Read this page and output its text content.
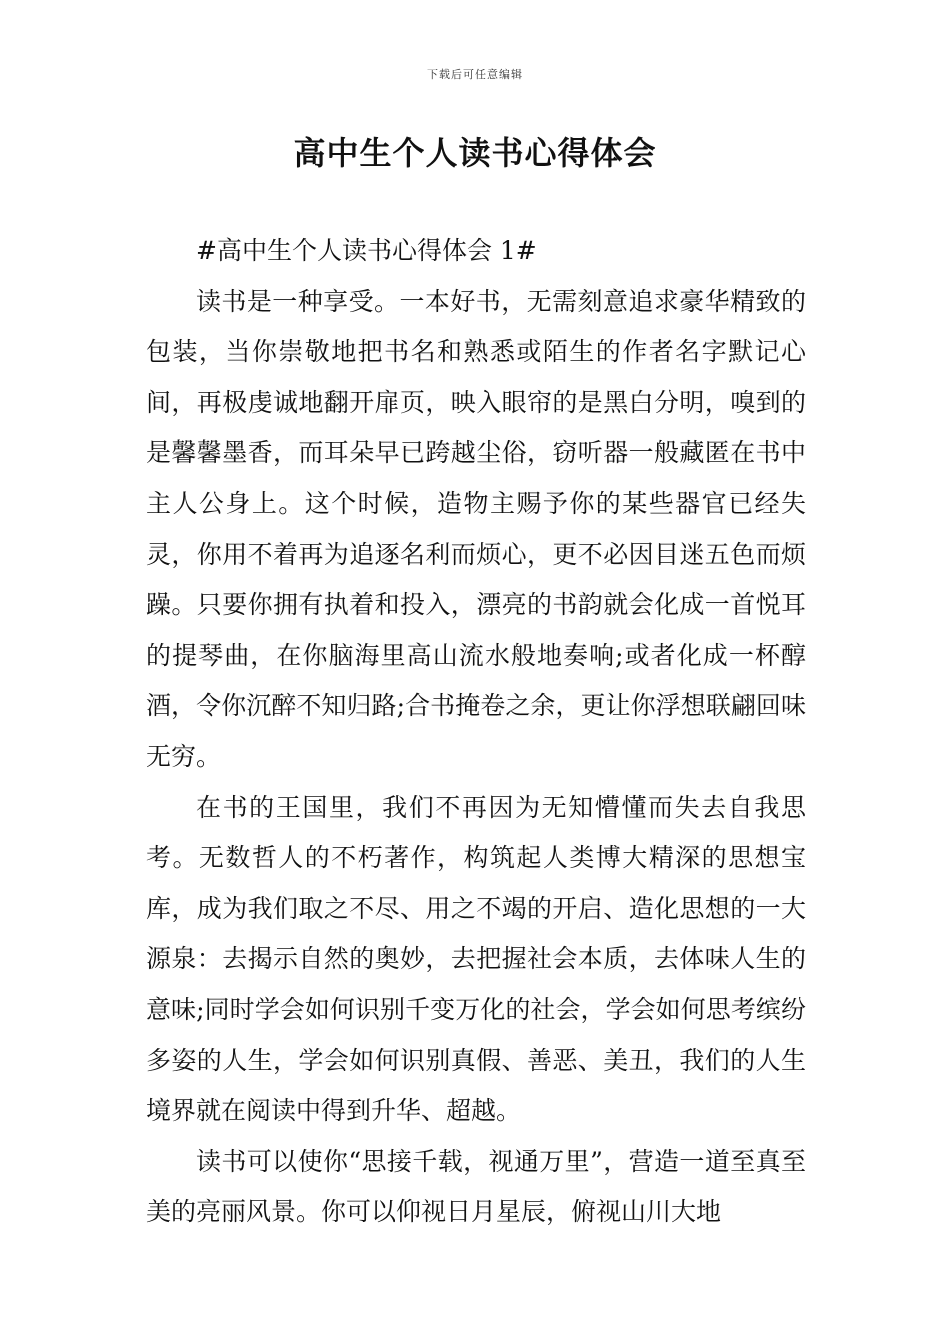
下载后可任意编辑
高中生个人读书心得体会

#高中生个人读书心得体会 1#

读书是一种享受。一本好书，无需刻意追求豪华精致的包装，当你崇敬地把书名和熟悉或陌生的作者名字默记心间，再极虔诚地翻开扉页，映入眼帘的是黑白分明，嗅到的是馨馨墨香，而耳朵早已跨越尘俗，窃听器一般藏匿在书中主人公身上。这个时候，造物主赐予你的某些器官已经失灵，你用不着再为追逐名利而烦心，更不必因目迷五色而烦躁。只要你拥有执着和投入，漂亮的书韵就会化成一首悦耳的提琴曲，在你脑海里高山流水般地奏响;或者化成一杯醇酒，令你沉醉不知归路;合书掩卷之余，更让你浮想联翩回味无穷。

在书的王国里，我们不再因为无知懵懂而失去自我思考。无数哲人的不朽著作，构筑起人类博大精深的思想宝库，成为我们取之不尽、用之不竭的开启、造化思想的一大源泉：去揭示自然的奥妙，去把握社会本质，去体味人生的意味;同时学会如何识别千变万化的社会，学会如何思考缤纷多姿的人生，学会如何识别真假、善恶、美丑，我们的人生境界就在阅读中得到升华、超越。

读书可以使你“思接千载，视通万里”，营造一道至真至美的亮丽风景。你可以仰视日月星辰，俯视山川大地
